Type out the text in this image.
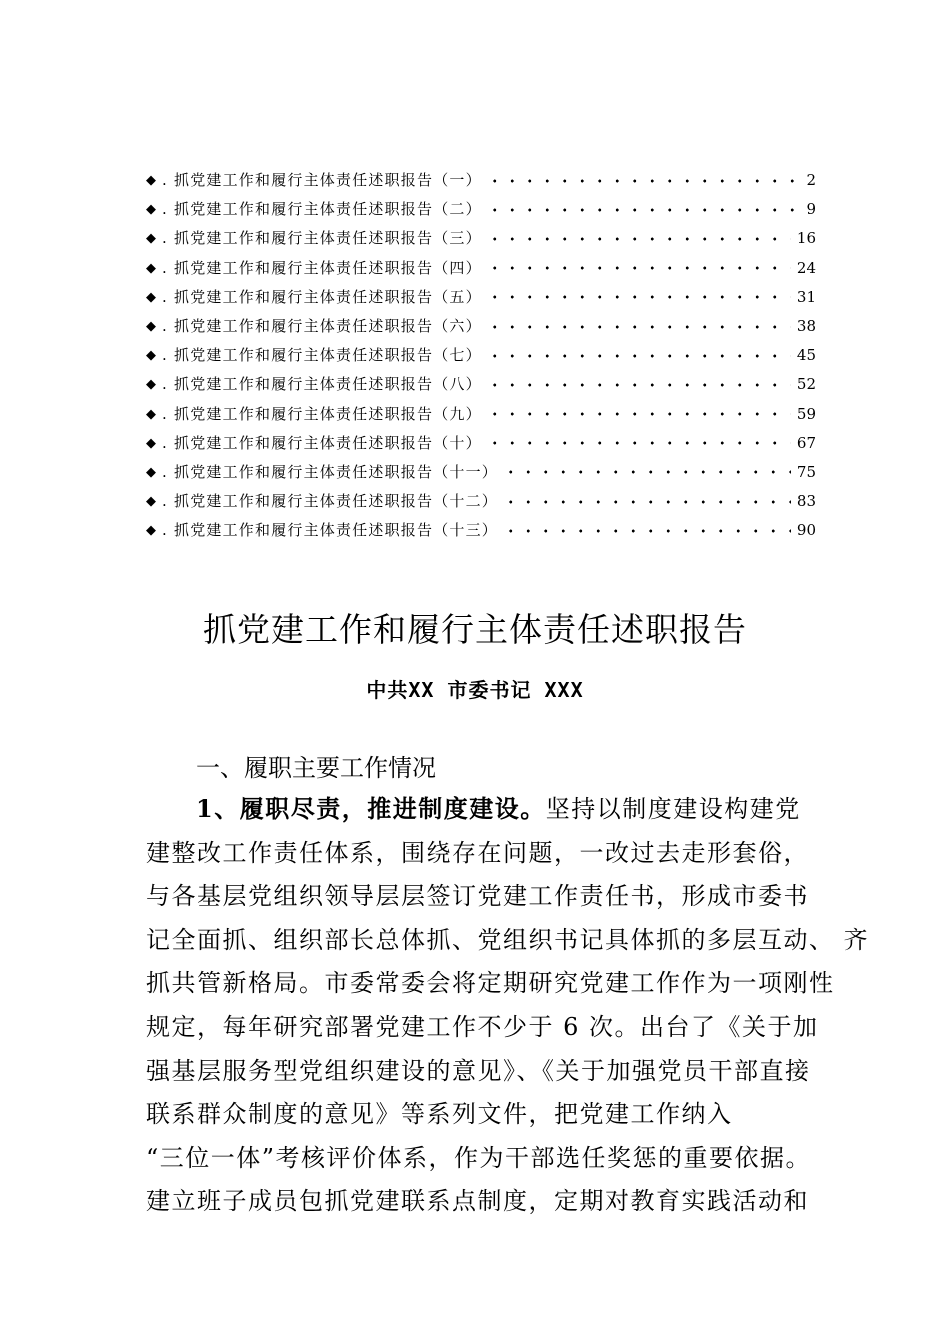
◆ . 抓党建工作和履行主体责任述职报告（一）	2
◆ . 抓党建工作和履行主体责任述职报告（二）	9
◆ . 抓党建工作和履行主体责任述职报告（三）	16
◆ . 抓党建工作和履行主体责任述职报告（四）	24
◆ . 抓党建工作和履行主体责任述职报告（五）	31
◆ . 抓党建工作和履行主体责任述职报告（六）	38
◆ . 抓党建工作和履行主体责任述职报告（七）	45
◆ . 抓党建工作和履行主体责任述职报告（八）	52
◆ . 抓党建工作和履行主体责任述职报告（九）	59
◆ . 抓党建工作和履行主体责任述职报告（十）	67
◆ . 抓党建工作和履行主体责任述职报告（十一）	75
◆ . 抓党建工作和履行主体责任述职报告（十二）	83
◆ . 抓党建工作和履行主体责任述职报告（十三）	90
抓党建工作和履行主体责任述职报告
中共XX 市委书记 XXX
一、履职主要工作情况
1、履职尽责，推进制度建设。坚持以制度建设构建党
建整改工作责任体系，围绕存在问题，一改过去走形套俗，
与各基层党组织领导层层签订党建工作责任书，形成市委书
记全面抓、组织部长总体抓、党组织书记具体抓的多层互动、 齐
抓共管新格局。市委常委会将定期研究党建工作作为一项刚性
规定，每年研究部署党建工作不少于 6 次。出台了《关于加
强基层服务型党组织建设的意见》、《关于加强党员干部直接
联系群众制度的意见》等系列文件，把党建工作纳入
“三位一体”考核评价体系，作为干部选任奖惩的重要依据。
建立班子成员包抓党建联系点制度，定期对教育实践活动和
